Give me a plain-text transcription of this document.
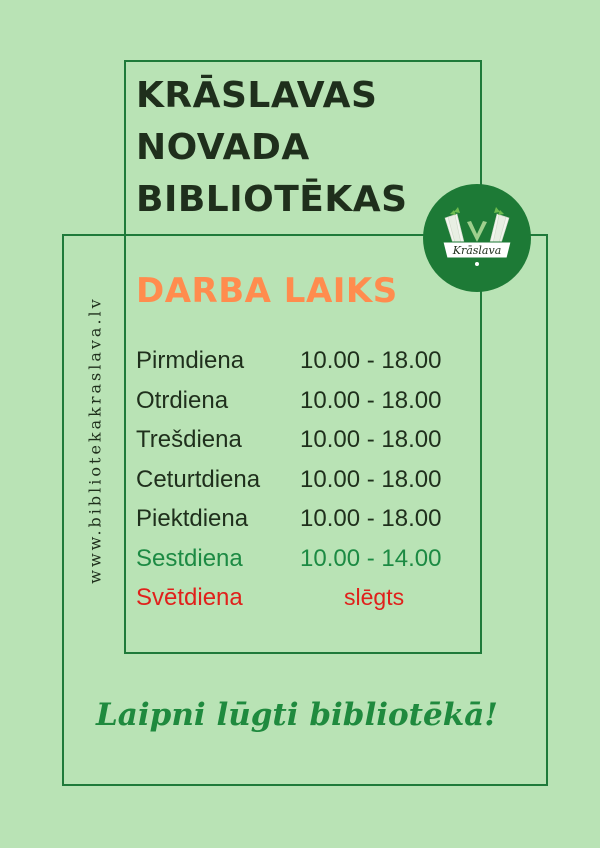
KRĀSLAVAS
NOVADA
BIBLIOTĒKAS
Krāslava
www.bibliotekakraslava.lv
DARBA LAIKS
Pirmdiena 10.00 - 18.00
Otrdiena	10.00 - 18.00
Trešdiena 10.00 - 18.00
Ceturtdiena 10.00 - 18.00
Piektdiena 10.00 - 18.00
Sestdiena 10.00 - 14.00
Svētdiena	slēgts

Laipni lūgti bibliotēkā!
